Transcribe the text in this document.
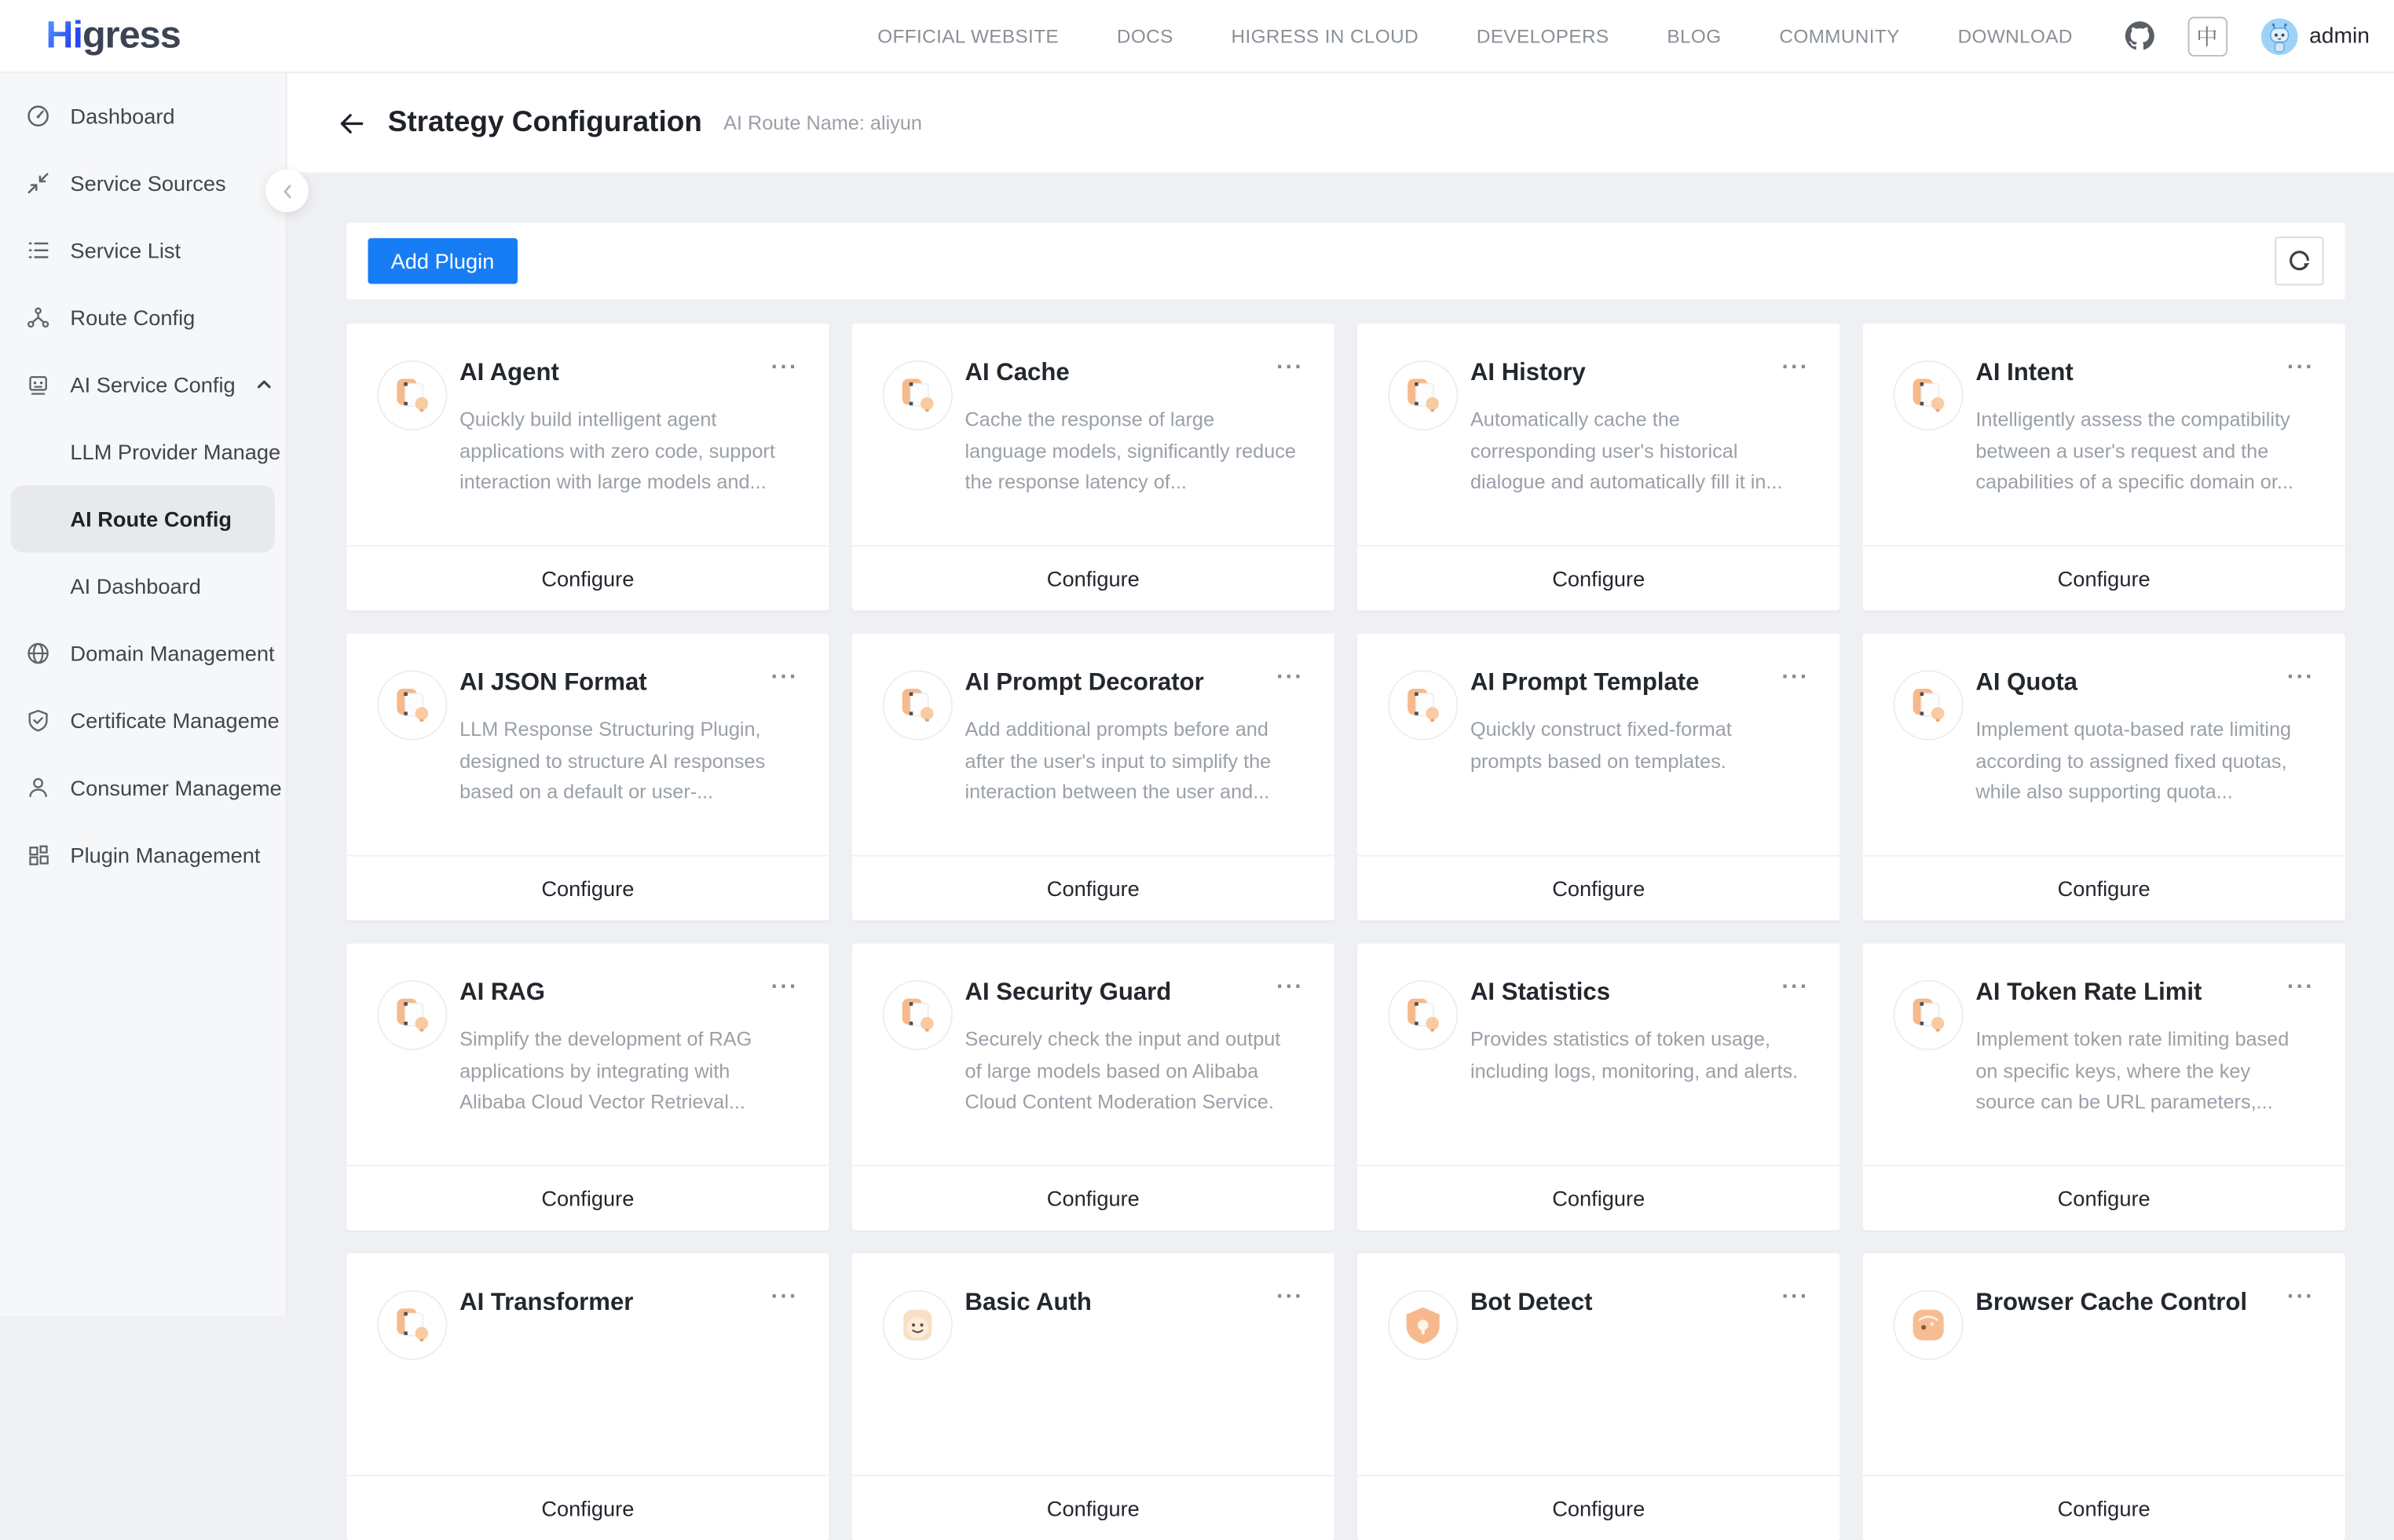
Higress	OFFICIAL WEBSITE	DOCS	HIGRESS IN CLOUD	DEVELOPERS	BLOG	COMMUNITY	DOWNLOAD	中	admin
Dashboard
Service Sources
Service List
Route Config
AI Service Config
LLM Provider Manage
AI Route Config
AI Dashboard
Domain Management
Certificate Manageme
Consumer Manageme
Plugin Management
Strategy Configuration AI Route Name: aliyun
Add Plugin
AI Agent	···
Quickly build intelligent agent applications with zero code, support interaction with large models and...
Configure
AI Cache	···
Cache the response of large language models, significantly reduce the response latency of...
Configure
AI History	···
Automatically cache the corresponding user's historical dialogue and automatically fill it in...
Configure
AI Intent	···
Intelligently assess the compatibility between a user's request and the capabilities of a specific domain or...
Configure
AI JSON Format	···
LLM Response Structuring Plugin, designed to structure AI responses based on a default or user-...
Configure
AI Prompt Decorator	···
Add additional prompts before and after the user's input to simplify the interaction between the user and...
Configure
AI Prompt Template	···
Quickly construct fixed-format prompts based on templates.
Configure
AI Quota	···
Implement quota-based rate limiting according to assigned fixed quotas, while also supporting quota...
Configure
AI RAG	···
Simplify the development of RAG applications by integrating with Alibaba Cloud Vector Retrieval...
Configure
AI Security Guard	···
Securely check the input and output of large models based on Alibaba Cloud Content Moderation Service.
Configure
AI Statistics	···
Provides statistics of token usage, including logs, monitoring, and alerts.
Configure
AI Token Rate Limit	···
Implement token rate limiting based on specific keys, where the key source can be URL parameters,...
Configure
AI Transformer	···
Configure
Basic Auth	···
Configure
Bot Detect	···
Configure
Browser Cache Control	···
Configure
